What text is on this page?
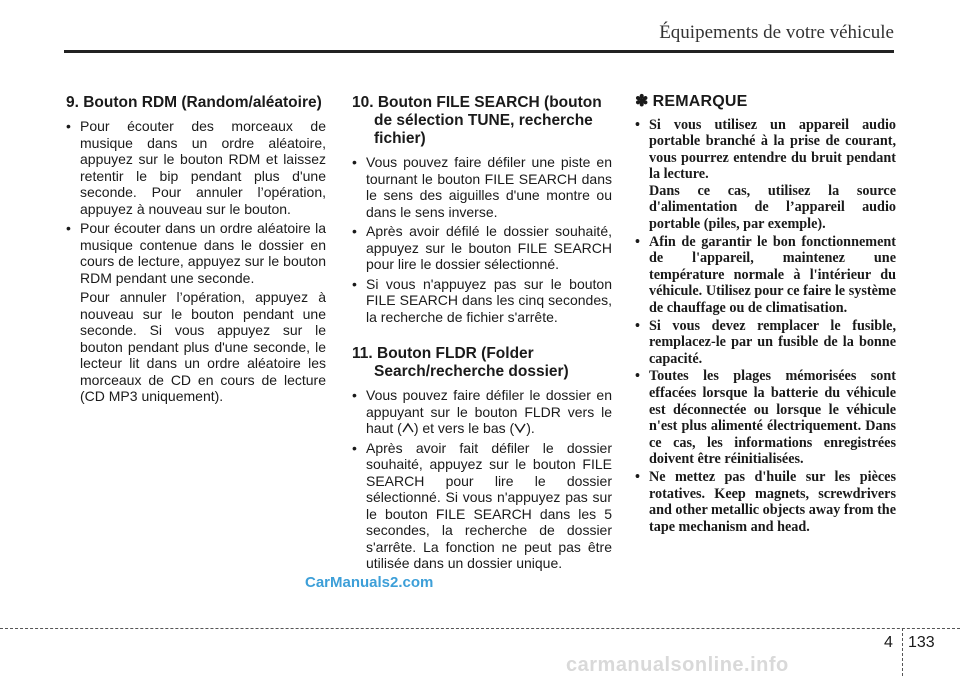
Équipements de votre véhicule
9. Bouton RDM (Random/aléatoire)
• Pour écouter des morceaux de musique dans un ordre aléatoire, appuyez sur le bouton RDM et laissez retentir le bip pendant plus d'une seconde. Pour annuler l’opération, appuyez à nouveau sur le bouton.
• Pour écouter dans un ordre aléatoire la musique contenue dans le dossier en cours de lecture, appuyez sur le bouton RDM pendant une seconde.

Pour annuler l’opération, appuyez à nouveau sur le bouton pendant une seconde. Si vous appuyez sur le bouton pendant plus d'une seconde, le lecteur lit dans un ordre aléatoire les morceaux de CD en cours de lecture (CD MP3 uniquement).

10. Bouton FILE SEARCH (bouton de sélection TUNE, recherche fichier)
• Vous pouvez faire défiler une piste en tournant le bouton FILE SEARCH dans le sens des aiguilles d'une montre ou dans le sens inverse.
• Après avoir défilé le dossier souhaité, appuyez sur le bouton FILE SEARCH pour lire le dossier sélectionné.
• Si vous n'appuyez pas sur le bouton FILE SEARCH dans les cinq secondes, la recherche de fichier s'arrête.
11. Bouton FLDR (Folder Search/recherche dossier)
• Vous pouvez faire défiler le dossier en appuyant sur le bouton FLDR vers le haut ( ) et vers le bas ( ).
• Après avoir fait défiler le dossier souhaité, appuyez sur le bouton FILE SEARCH pour lire le dossier sélectionné. Si vous n'appuyez pas sur le bouton FILE SEARCH dans les 5 secondes, la recherche de dossier s'arrête. La fonction ne peut pas être utilisée dans un dossier unique.
✽ REMARQUE

• Si vous utilisez un appareil audio portable branché à la prise de courant, vous pourrez entendre du bruit pendant la lecture.

Dans ce cas, utilisez la source d'alimentation de l’appareil audio portable (piles, par exemple).

• Afin de garantir le bon fonctionnement de l'appareil, maintenez une température normale à l'intérieur du véhicule. Utilisez pour ce faire le système de chauffage ou de climatisation.
• Si vous devez remplacer le fusible, remplacez-le par un fusible de la bonne capacité.
• Toutes les plages mémorisées sont effacées lorsque la batterie du véhicule est déconnectée ou lorsque le véhicule n'est plus alimenté électriquement. Dans ce cas, les informations enregistrées doivent être réinitialisées.
• Ne mettez pas d'huile sur les pièces rotatives. Keep magnets, screwdrivers and other metallic objects away from the tape mechanism and head.
CarManuals2.com
4 133
carmanualsonline.info
